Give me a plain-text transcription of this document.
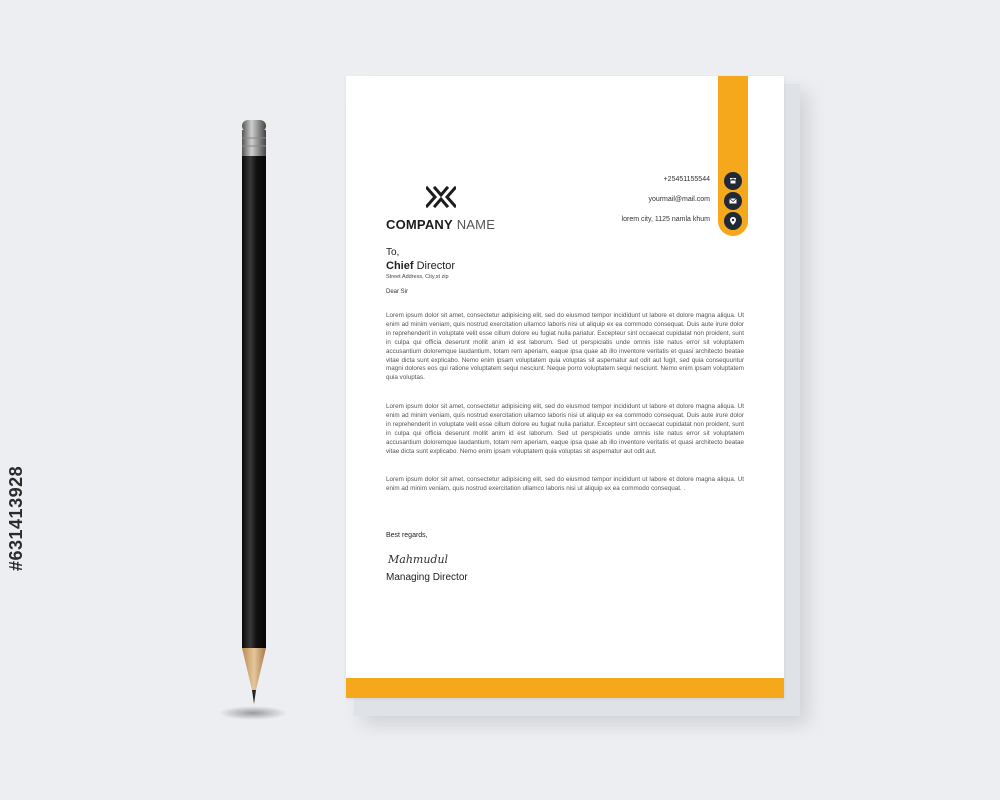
#631413928
+25451155544
yourmail@mail.com
lorem city, 1125 namla khum
COMPANY NAME
To,
Chief Director
Street Address, City,st zip
Dear Sir

Lorem ipsum dolor sit amet, consectetur adipisicing elit, sed do eiusmod tempor incididunt ut labore et dolore magna aliqua. Ut enim ad minim veniam, quis nostrud exercitation ullamco laboris nisi ut aliquip ex ea commodo consequat. Duis aute irure dolor in reprehenderit in voluptate velit esse cillum dolore eu fugiat nulla pariatur. Excepteur sint occaecat cupidatat non proident, sunt in culpa qui officia deserunt mollit anim id est laborum. Sed ut perspiciatis unde omnis iste natus error sit voluptatem accusantium doloremque laudantium, totam rem aperiam, eaque ipsa quae ab illo inventore veritatis et quasi architecto beatae vitae dicta sunt explicabo. Nemo enim ipsam voluptatem quia voluptas sit aspernatur aut odit aut fugit, sed quia consequuntur magni dolores eos qui ratione voluptatem sequi nesciunt. Neque porro voluptatem sequi nesciunt. Nemo enim ipsam voluptatem quia voluptas.

Lorem ipsum dolor sit amet, consectetur adipisicing elit, sed do eiusmod tempor incididunt ut labore et dolore magna aliqua. Ut enim ad minim veniam, quis nostrud exercitation ullamco laboris nisi ut aliquip ex ea commodo consequat. Duis aute irure dolor in reprehenderit in voluptate velit esse cillum dolore eu fugiat nulla pariatur. Excepteur sint occaecat cupidatat non proident, sunt in culpa qui officia deserunt mollit anim id est laborum. Sed ut perspiciatis unde omnis iste natus error sit voluptatem accusantium doloremque laudantium, totam rem aperiam, eaque ipsa quae ab illo inventore veritatis et quasi architecto beatae vitae dicta sunt explicabo. Nemo enim ipsam voluptatem quia voluptas sit aspernatur aut odit aut.

Lorem ipsum dolor sit amet, consectetur adipisicing elit, sed do eiusmod tempor incididunt ut labore et dolore magna aliqua. Ut enim ad minim veniam, quis nostrud exercitation ullamco laboris nisi ut aliquip ex ea commodo consequat. .

Best regards,
Mahmudul
Managing Director
